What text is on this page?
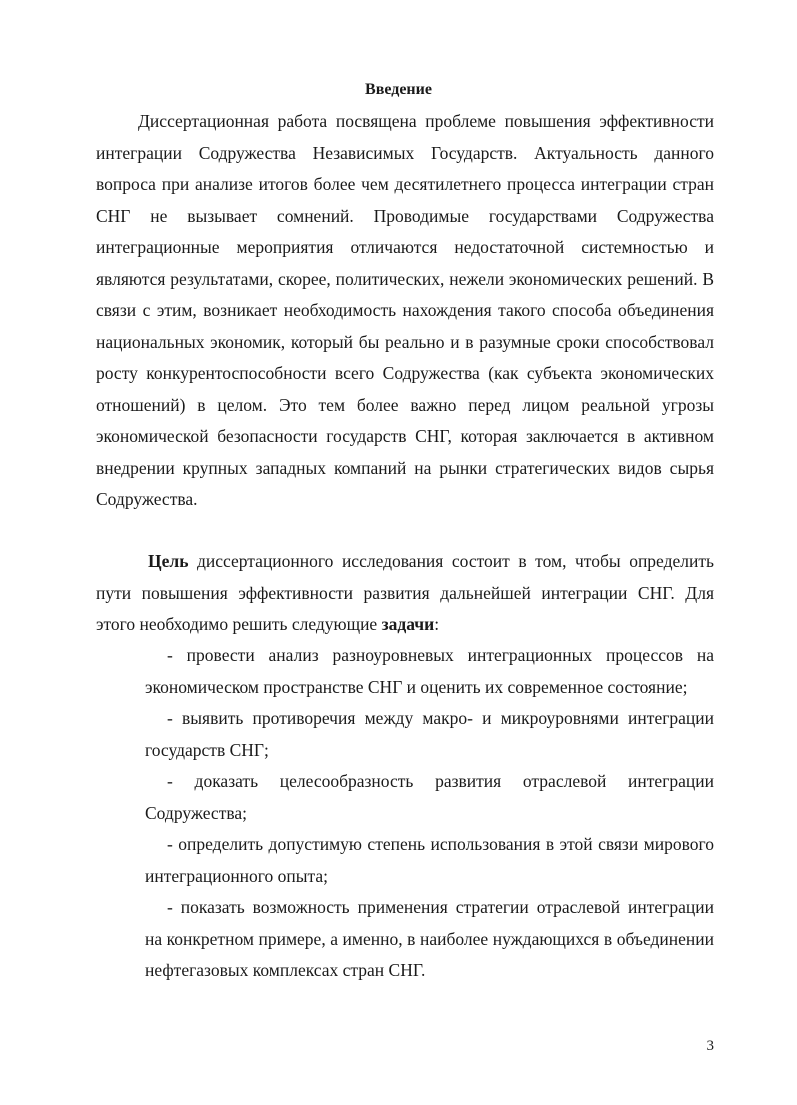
Введение

Диссертационная работа посвящена проблеме повышения эффективности интеграции Содружества Независимых Государств. Актуальность данного вопроса при анализе итогов более чем десятилетнего процесса интеграции стран СНГ не вызывает сомнений. Проводимые государствами Содружества интеграционные мероприятия отличаются недостаточной системностью и являются результатами, скорее, политических, нежели экономических решений. В связи с этим, возникает необходимость нахождения такого способа объединения национальных экономик, который бы реально и в разумные сроки способствовал росту конкурентоспособности всего Содружества (как субъекта экономических отношений) в целом. Это тем более важно перед лицом реальной угрозы экономической безопасности государств СНГ, которая заключается в активном внедрении крупных западных компаний на рынки стратегических видов сырья Содружества.

Цель диссертационного исследования состоит в том, чтобы определить пути повышения эффективности развития дальнейшей интеграции СНГ. Для этого необходимо решить следующие задачи:

- провести анализ разноуровневых интеграционных процессов на экономическом пространстве СНГ и оценить их современное состояние;
- выявить противоречия между макро- и микроуровнями интеграции государств СНГ;
- доказать целесообразность развития отраслевой интеграции Содружества;
- определить допустимую степень использования в этой связи мирового интеграционного опыта;
- показать возможность применения стратегии отраслевой интеграции на конкретном примере, а именно, в наиболее нуждающихся в объединении нефтегазовых комплексах стран СНГ.
3
